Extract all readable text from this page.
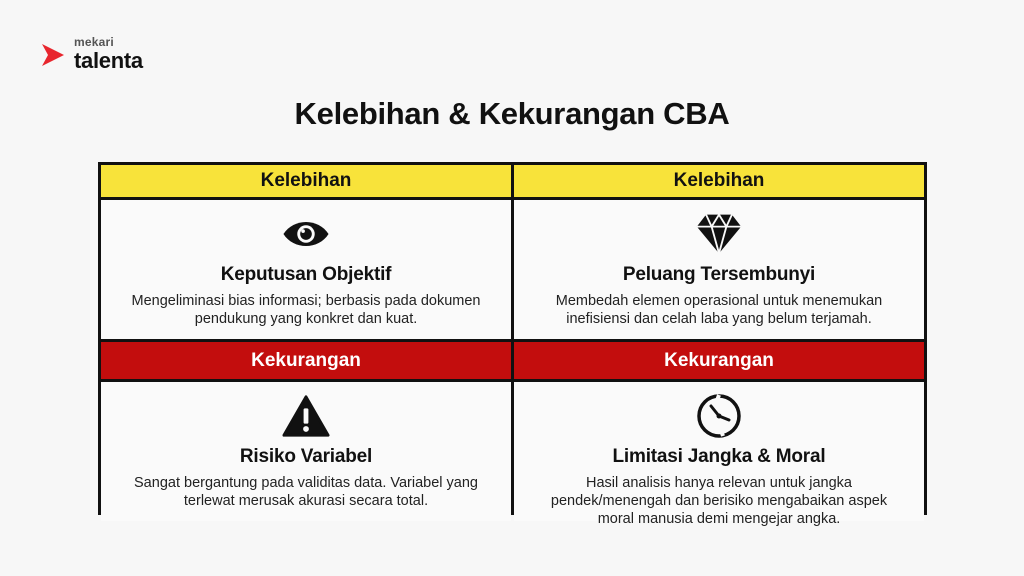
mekari
talenta
Kelebihan & Kekurangan CBA
Kelebihan	Kelebihan
Keputusan Objektif
Mengeliminasi bias informasi; berbasis pada dokumen pendukung yang konkret dan kuat.
Peluang Tersembunyi
Membedah elemen operasional untuk menemukan inefisiensi dan celah laba yang belum terjamah.
Kekurangan	Kekurangan
Risiko Variabel
Sangat bergantung pada validitas data. Variabel yang terlewat merusak akurasi secara total.
Limitasi Jangka & Moral
Hasil analisis hanya relevan untuk jangka pendek/menengah dan berisiko mengabaikan aspek moral manusia demi mengejar angka.
